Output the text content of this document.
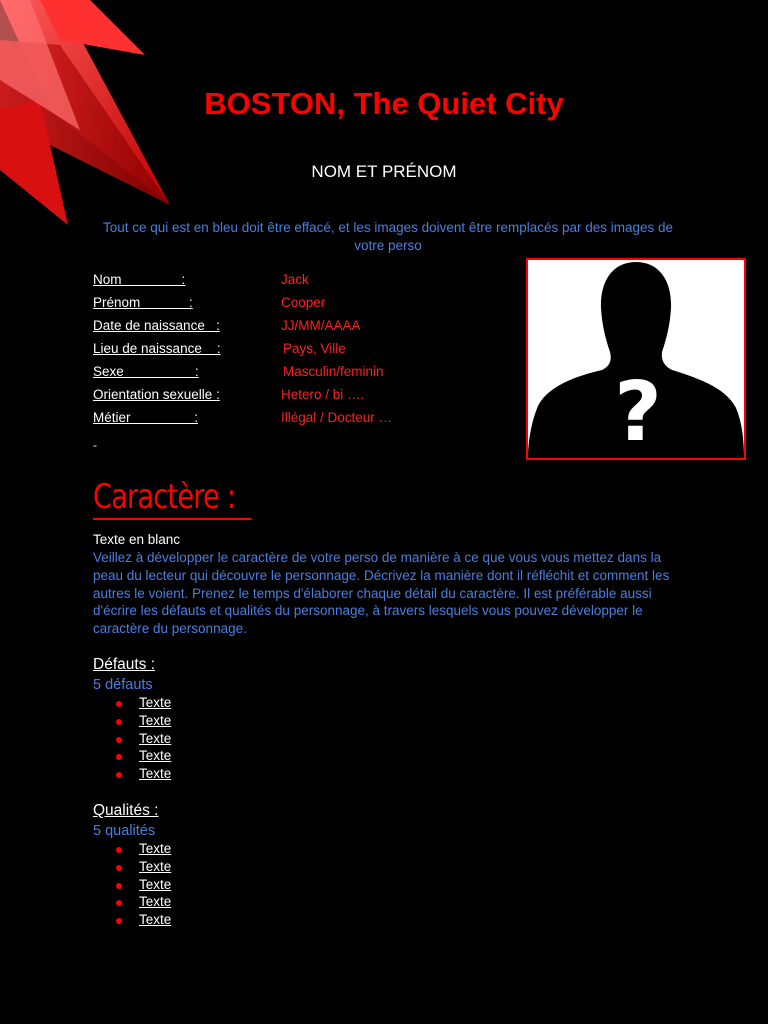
BOSTON, The Quiet City
NOM ET PRÉNOM
Tout ce qui est en bleu doit être effacé, et les images doivent être remplacés par des images de votre perso
Nom                :	Jack
Prénom             :	Cooper
Date de naissance   :	JJ/MM/AAAA
Lieu de naissance    :	Pays, Ville
Sexe                   :	Masculin/feminin
Orientation sexuelle :	Hetero / bi ….
Métier                 :	Illégal / Docteur …
-	?
Caractère :
Texte en blanc
Veillez à développer le caractère de votre perso de manière à ce que vous vous mettez dans la peau du lecteur qui découvre le personnage. Décrivez la manière dont il réfléchit et comment les autres le voient. Prenez le temps d'élaborer chaque détail du caractère. Il est préférable aussi d'écrire les défauts et qualités du personnage, à travers lesquels vous pouvez développer le caractère du personnage.
Défauts :
5 défauts
Texte
Texte
Texte
Texte
Texte
Qualités :
5 qualités
Texte
Texte
Texte
Texte
Texte
